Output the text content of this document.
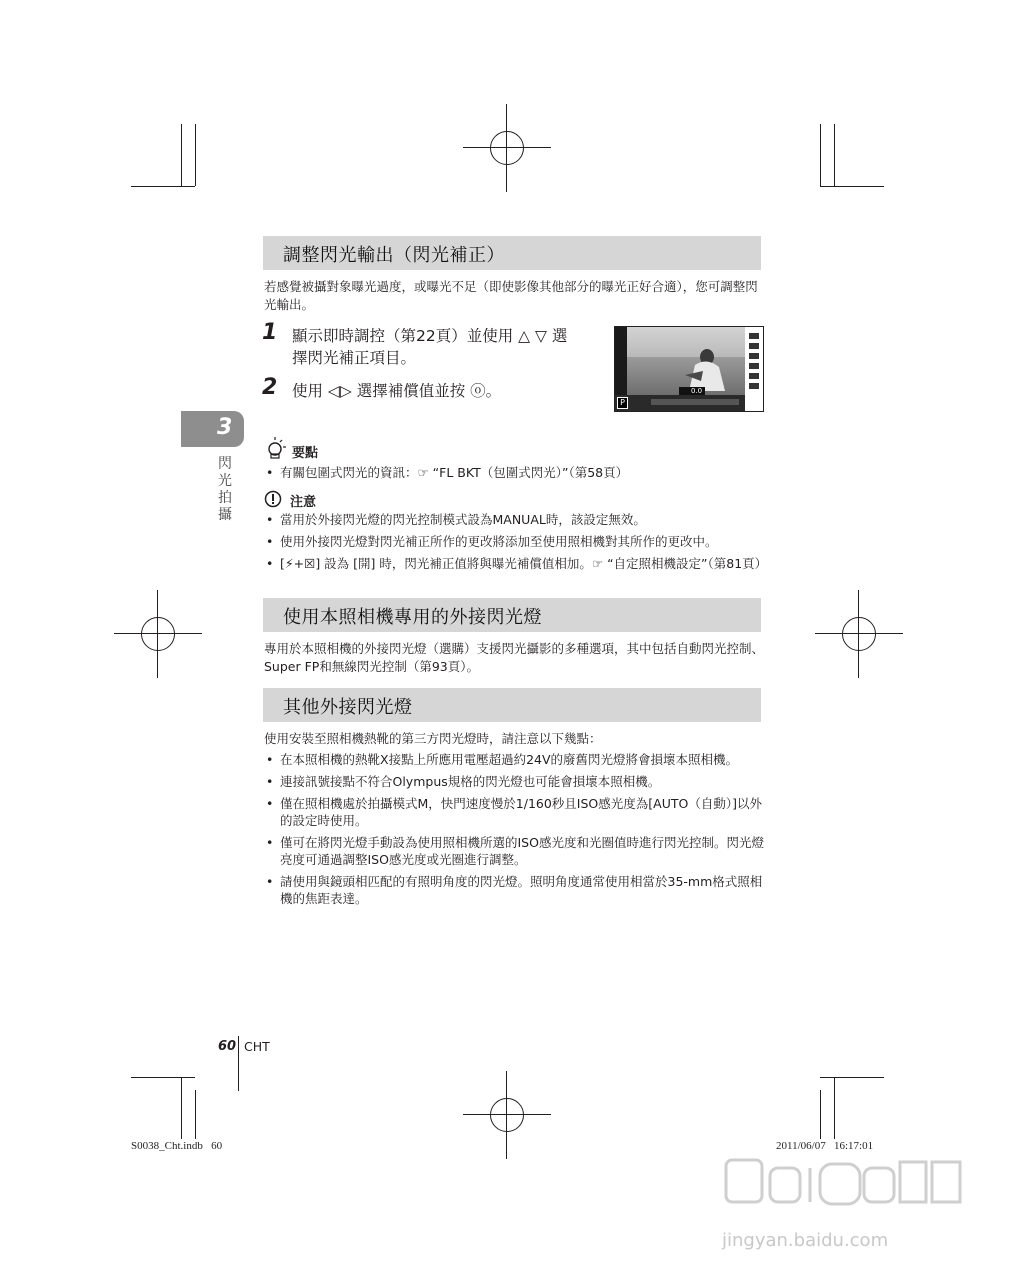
調整閃光輸出（閃光補正）
若感覺被攝對象曝光過度，或曝光不足（即使影像其他部分的曝光正好合適），您可調整閃光輸出。
1 顯示即時調控（第22頁）並使用 △ ▽ 選
擇閃光補正項目。
2 使用 ◁▷ 選擇補償值並按 ⓞ。
P
0.0
3
閃光拍攝
要點
• 有關包圍式閃光的資訊：☞ “FL BKT（包圍式閃光）”（第58頁）
注意
• 當用於外接閃光燈的閃光控制模式設為MANUAL時，該設定無效。
• 使用外接閃光燈對閃光補正所作的更改將添加至使用照相機對其所作的更改中。
• [⚡+☒] 設為 [開] 時，閃光補正值將與曝光補償值相加。☞ “自定照相機設定”（第81頁）
使用本照相機專用的外接閃光燈
專用於本照相機的外接閃光燈（選購）支援閃光攝影的多種選項，其中包括自動閃光控制、Super FP和無線閃光控制（第93頁）。
其他外接閃光燈
使用安裝至照相機熱靴的第三方閃光燈時，請注意以下幾點：
• 在本照相機的熱靴X接點上所應用電壓超過約24V的廢舊閃光燈將會損壞本照相機。
• 連接訊號接點不符合Olympus規格的閃光燈也可能會損壞本照相機。
• 僅在照相機處於拍攝模式M，快門速度慢於1/160秒且ISO感光度為[AUTO（自動）]以外的設定時使用。
• 僅可在將閃光燈手動設為使用照相機所選的ISO感光度和光圈值時進行閃光控制。閃光燈亮度可通過調整ISO感光度或光圈進行調整。
• 請使用與鏡頭相匹配的有照明角度的閃光燈。照明角度通常使用相當於35-mm格式照相機的焦距表達。
60 CHT
S0038_Cht.indb   60	2011/06/07   16:17:01
jingyan.baidu.com
